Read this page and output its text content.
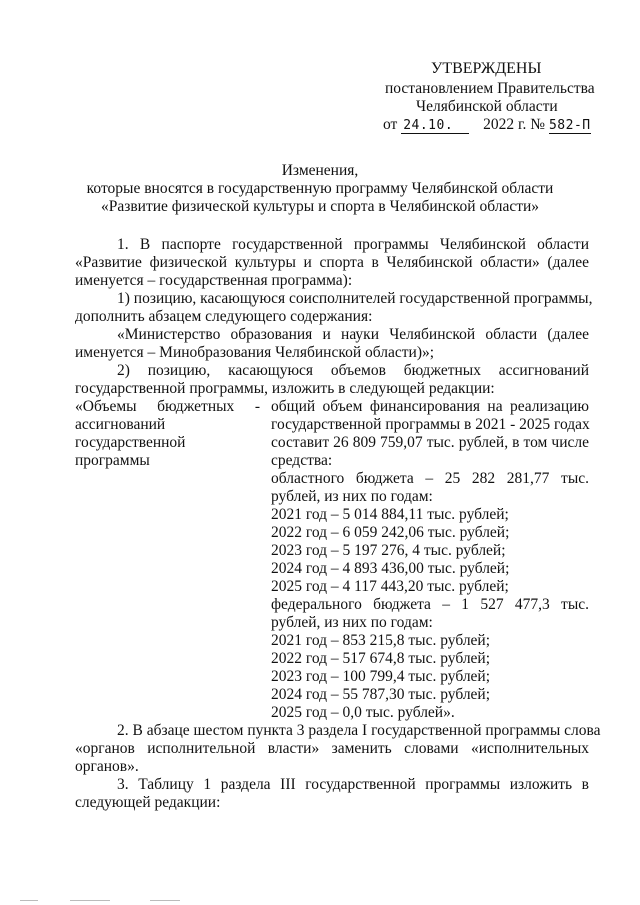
УТВЕРЖДЕНЫ
постановлением Правительства
Челябинской области
от 24.10. 2022 г. № 582-П
Изменения,
которые вносятся в государственную программу Челябинской области
«Развитие физической культуры и спорта в Челябинской области»
1. В паспорте государственной программы Челябинской области
«Развитие физической культуры и спорта в Челябинской области» (далее
именуется – государственная программа):
1) позицию, касающуюся соисполнителей государственной программы,
дополнить абзацем следующего содержания:
«Министерство образования и науки Челябинской области (далее
именуется – Минобразования Челябинской области)»;
2) позицию, касающуюся объемов бюджетных ассигнований
государственной программы, изложить в следующей редакции:
«Объемы бюджетных -
ассигнований
государственной
программы
общий объем финансирования на реализацию
государственной программы в 2021 - 2025 годах
составит 26 809 759,07 тыс. рублей, в том числе
средства:
областного бюджета – 25 282 281,77 тыс.
рублей, из них по годам:
2021 год – 5 014 884,11 тыс. рублей;
2022 год – 6 059 242,06 тыс. рублей;
2023 год – 5 197 276, 4 тыс. рублей;
2024 год – 4 893 436,00 тыс. рублей;
2025 год – 4 117 443,20 тыс. рублей;
федерального бюджета – 1 527 477,3 тыс.
рублей, из них по годам:
2021 год – 853 215,8 тыс. рублей;
2022 год – 517 674,8 тыс. рублей;
2023 год – 100 799,4 тыс. рублей;
2024 год – 55 787,30 тыс. рублей;
2025 год – 0,0 тыс. рублей».
2. В абзаце шестом пункта 3 раздела I государственной программы слова
«органов исполнительной власти» заменить словами «исполнительных
органов».
3. Таблицу 1 раздела III государственной программы изложить в
следующей редакции:
